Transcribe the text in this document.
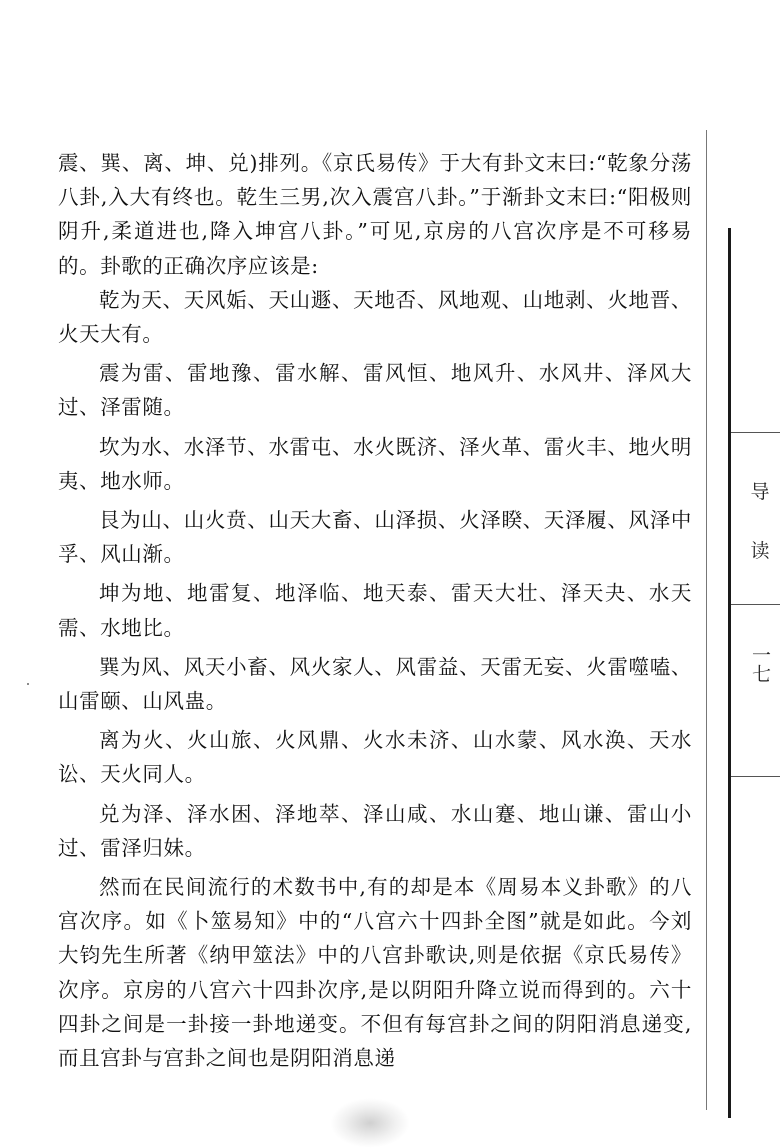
震、巽、离、坤、兑)排列。《京氏易传》于大有卦文末曰:“乾象分荡八卦,入大有终也。乾生三男,次入震宫八卦。”于渐卦文末曰:“阳极则阴升,柔道进也,降入坤宫八卦。”可见,京房的八宫次序是不可移易的。卦歌的正确次序应该是:

乾为天、天风姤、天山遯、天地否、风地观、山地剥、火地晋、火天大有。

震为雷、雷地豫、雷水解、雷风恒、地风升、水风井、泽风大过、泽雷随。

坎为水、水泽节、水雷屯、水火既济、泽火革、雷火丰、地火明夷、地水师。

艮为山、山火贲、山天大畜、山泽损、火泽睽、天泽履、风泽中孚、风山渐。

坤为地、地雷复、地泽临、地天泰、雷天大壮、泽天夬、水天需、水地比。

巽为风、风天小畜、风火家人、风雷益、天雷无妄、火雷噬嗑、山雷颐、山风蛊。

离为火、火山旅、火风鼎、火水未济、山水蒙、风水涣、天水讼、天火同人。

兑为泽、泽水困、泽地萃、泽山咸、水山蹇、地山谦、雷山小过、雷泽归妹。

然而在民间流行的术数书中,有的却是本《周易本义卦歌》的八宫次序。如《卜筮易知》中的“八宫六十四卦全图”就是如此。今刘大钧先生所著《纳甲筮法》中的八宫卦歌诀,则是依据《京氏易传》次序。京房的八宫六十四卦次序,是以阴阳升降立说而得到的。六十四卦之间是一卦接一卦地递变。不但有每宫卦之间的阴阳消息递变,而且宫卦与宫卦之间也是阴阳消息递

导
读
一七
